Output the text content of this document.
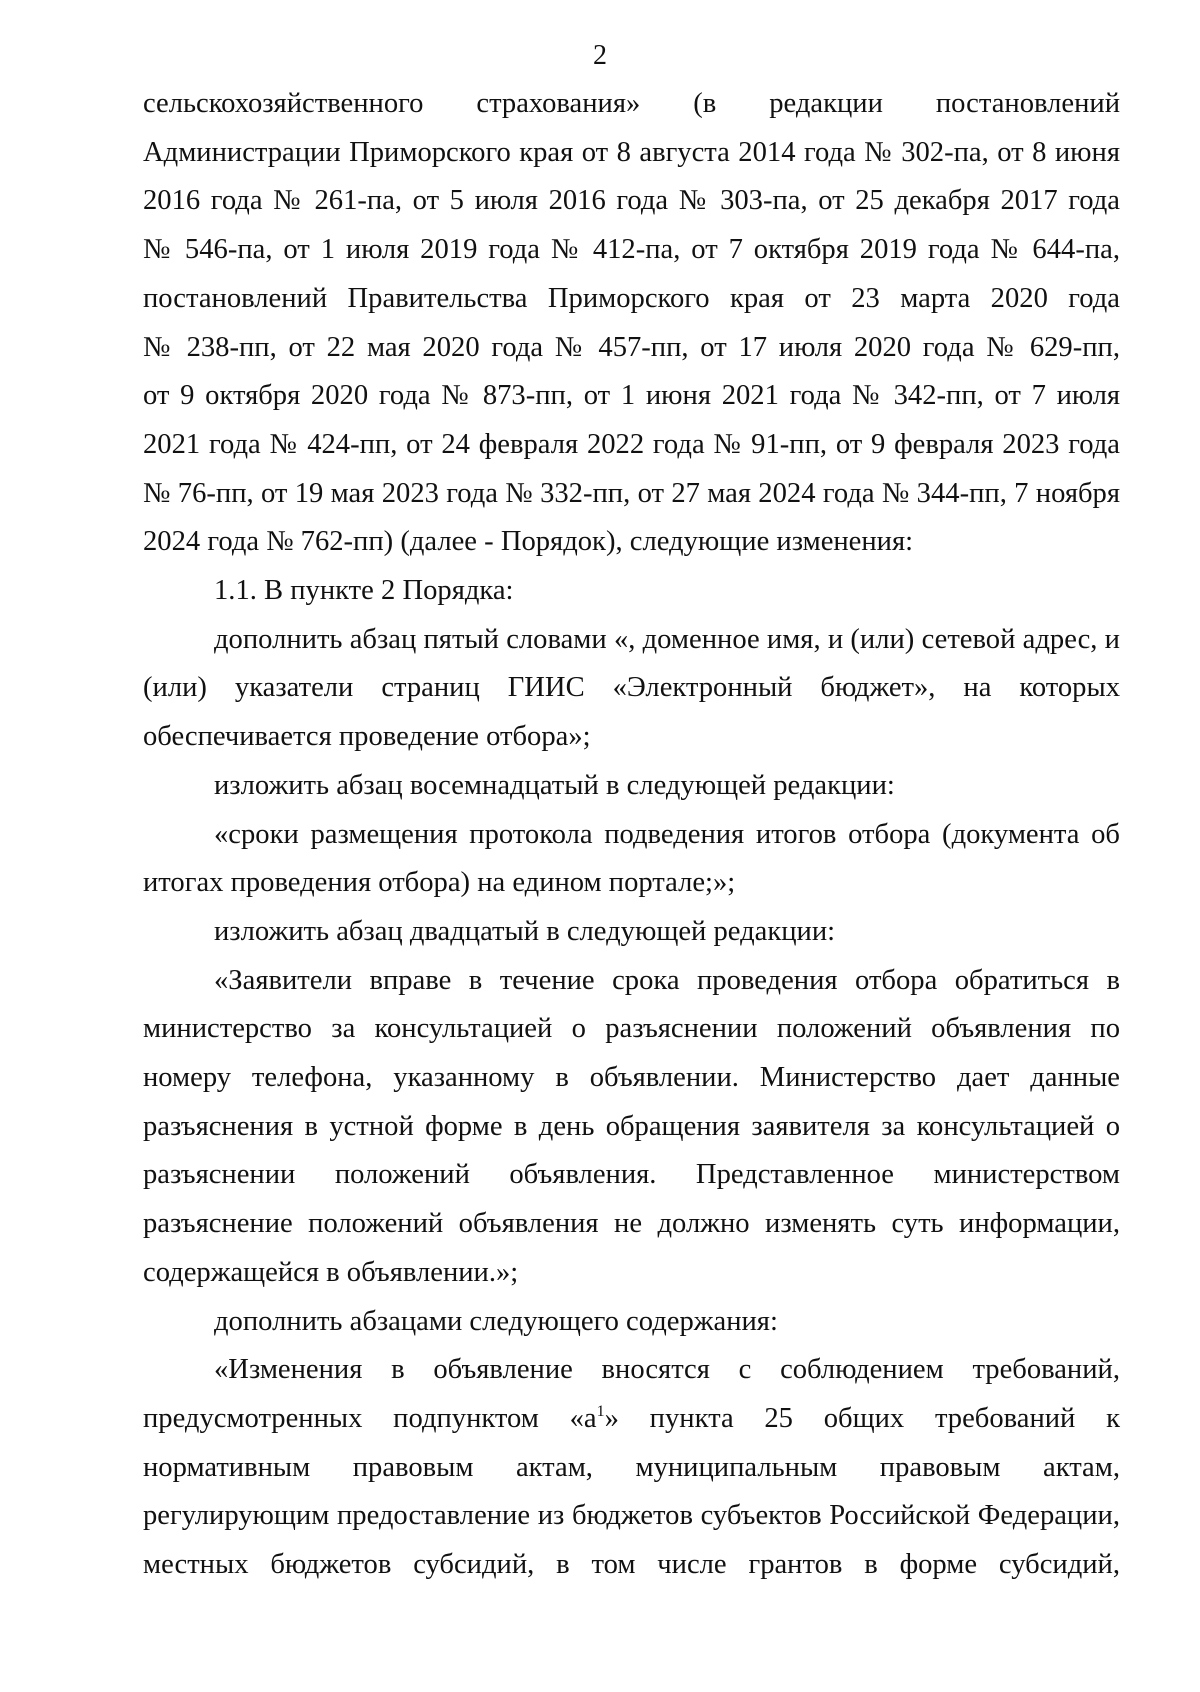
2

сельскохозяйственного страхования» (в редакции постановлений

Администрации Приморского края от 8 августа 2014 года № 302-па, от 8 июня

2016 года № 261-па, от 5 июля 2016 года № 303-па, от 25 декабря 2017 года

№ 546-па, от 1 июля 2019 года № 412-па, от 7 октября 2019 года № 644-па,

постановлений Правительства Приморского края от 23 марта 2020 года

№ 238-пп, от 22 мая 2020 года № 457-пп, от 17 июля 2020 года № 629-пп,

от 9 октября 2020 года № 873-пп, от 1 июня 2021 года № 342-пп, от 7 июля

2021 года № 424-пп, от 24 февраля 2022 года № 91-пп, от 9 февраля 2023 года

№ 76-пп, от 19 мая 2023 года № 332-пп, от 27 мая 2024 года № 344-пп, 7 ноября

2024 года № 762-пп) (далее - Порядок), следующие изменения:

1.1. В пункте 2 Порядка:

дополнить абзац пятый словами «, доменное имя, и (или) сетевой адрес, и

(или) указатели страниц ГИИС «Электронный бюджет», на которых

обеспечивается проведение отбора»;

изложить абзац восемнадцатый в следующей редакции:

«сроки размещения протокола подведения итогов отбора (документа об

итогах проведения отбора) на едином портале;»;

изложить абзац двадцатый в следующей редакции:

«Заявители вправе в течение срока проведения отбора обратиться в

министерство за консультацией о разъяснении положений объявления по

номеру телефона, указанному в объявлении. Министерство дает данные

разъяснения в устной форме в день обращения заявителя за консультацией о

разъяснении положений объявления. Представленное министерством

разъяснение положений объявления не должно изменять суть информации,

содержащейся в объявлении.»;

дополнить абзацами следующего содержания:

«Изменения в объявление вносятся с соблюдением требований,

предусмотренных подпунктом «$а^1$» пункта 25 общих требований к

нормативным правовым актам, муниципальным правовым актам,

регулирующим предоставление из бюджетов субъектов Российской Федерации,

местных бюджетов субсидий, в том числе грантов в форме субсидий,
